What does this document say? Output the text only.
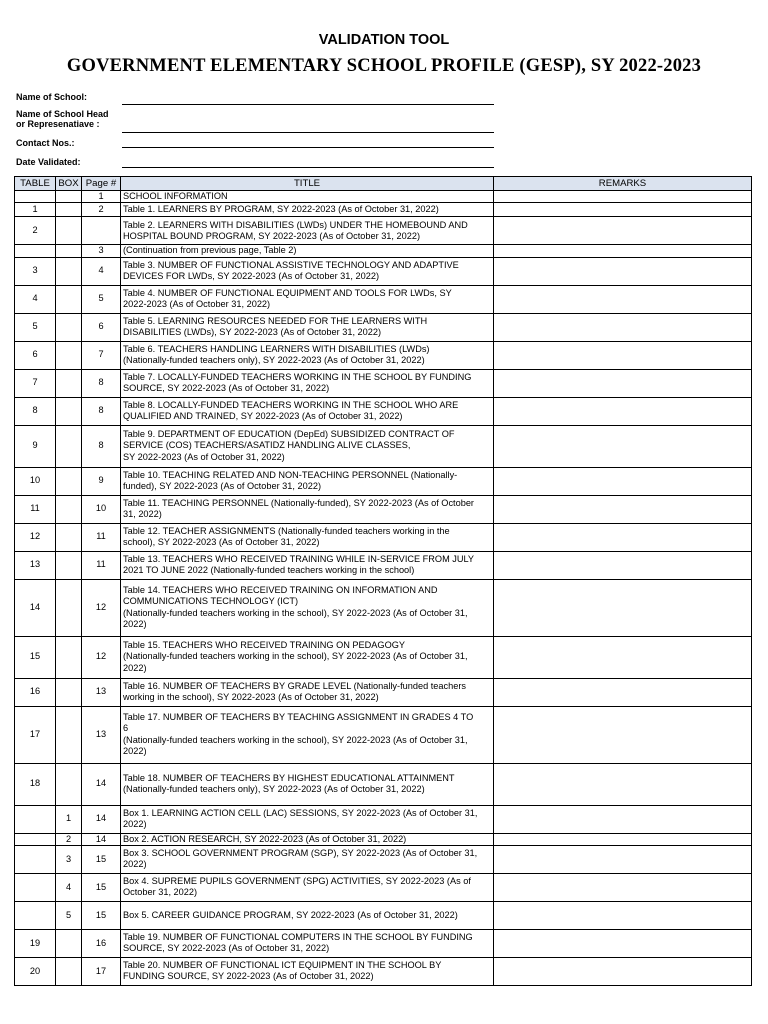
VALIDATION TOOL
GOVERNMENT ELEMENTARY SCHOOL PROFILE (GESP), SY 2022-2023
Name of School:
Name of School Head
or Represenatiave :
Contact Nos.:
Date Validated:
TABLE	BOX	Page #	TITLE	REMARKS
		1	SCHOOL INFORMATION	
1		2	Table 1. LEARNERS BY PROGRAM, SY 2022-2023 (As of October 31, 2022)	
2			Table 2. LEARNERS WITH DISABILITIES (LWDs) UNDER THE HOMEBOUND AND
HOSPITAL BOUND PROGRAM, SY 2022-2023 (As of October 31, 2022)	
		3	(Continuation from previous page, Table 2)	
3		4	Table 3. NUMBER OF FUNCTIONAL ASSISTIVE TECHNOLOGY AND ADAPTIVE
DEVICES FOR LWDs, SY 2022-2023 (As of October 31, 2022)	
4		5	Table 4. NUMBER OF FUNCTIONAL EQUIPMENT AND TOOLS FOR LWDs, SY
2022-2023 (As of October 31, 2022)	
5		6	Table 5. LEARNING RESOURCES NEEDED FOR THE LEARNERS WITH
DISABILITIES (LWDs), SY 2022-2023 (As of October 31, 2022)	
6		7	Table 6. TEACHERS HANDLING LEARNERS WITH DISABILITIES (LWDs)
(Nationally-funded teachers only), SY 2022-2023 (As of October 31, 2022)	
7		8	Table 7. LOCALLY-FUNDED TEACHERS WORKING IN THE SCHOOL BY FUNDING
SOURCE, SY 2022-2023 (As of October 31, 2022)	
8		8	Table 8. LOCALLY-FUNDED TEACHERS WORKING IN THE SCHOOL WHO ARE
QUALIFIED AND TRAINED, SY 2022-2023 (As of October 31, 2022)	
9		8	Table 9. DEPARTMENT OF EDUCATION (DepEd) SUBSIDIZED CONTRACT OF
SERVICE (COS) TEACHERS/ASATIDZ HANDLING ALIVE CLASSES,
SY 2022-2023 (As of October 31, 2022)	
10		9	Table 10. TEACHING RELATED AND NON-TEACHING PERSONNEL (Nationally-
funded), SY 2022-2023 (As of October 31, 2022)	
11		10	Table 11. TEACHING PERSONNEL (Nationally-funded), SY 2022-2023 (As of October
31, 2022)	
12		11	Table 12. TEACHER ASSIGNMENTS (Nationally-funded teachers working in the
school), SY 2022-2023 (As of October 31, 2022)	
13		11	Table 13. TEACHERS WHO RECEIVED TRAINING WHILE IN-SERVICE FROM JULY
2021 TO JUNE 2022 (Nationally-funded teachers working in the school)	
14		12	Table 14. TEACHERS WHO RECEIVED TRAINING ON INFORMATION AND
COMMUNICATIONS TECHNOLOGY (ICT)
(Nationally-funded teachers working in the school), SY 2022-2023 (As of October 31,
2022)	
15		12	Table 15. TEACHERS WHO RECEIVED TRAINING ON PEDAGOGY
(Nationally-funded teachers working in the school), SY 2022-2023 (As of October 31,
2022)	
16		13	Table 16. NUMBER OF TEACHERS BY GRADE LEVEL (Nationally-funded teachers
working in the school), SY 2022-2023 (As of October 31, 2022)	
17		13	Table 17. NUMBER OF TEACHERS BY TEACHING ASSIGNMENT IN GRADES 4 TO
6
(Nationally-funded teachers working in the school), SY 2022-2023 (As of October 31,
2022)	
18		14	Table 18. NUMBER OF TEACHERS BY HIGHEST EDUCATIONAL ATTAINMENT
(Nationally-funded teachers only), SY 2022-2023 (As of October 31, 2022)	
	1	14	Box 1. LEARNING ACTION CELL (LAC) SESSIONS, SY 2022-2023 (As of October 31,
2022)	
	2	14	Box 2. ACTION RESEARCH, SY 2022-2023 (As of October 31, 2022)	
	3	15	Box 3. SCHOOL GOVERNMENT PROGRAM (SGP), SY 2022-2023 (As of October 31,
2022)	
	4	15	Box 4. SUPREME PUPILS GOVERNMENT (SPG) ACTIVITIES, SY 2022-2023 (As of
October 31, 2022)	
	5	15	Box 5. CAREER GUIDANCE PROGRAM, SY 2022-2023 (As of October 31, 2022)	
19		16	Table 19. NUMBER OF FUNCTIONAL COMPUTERS IN THE SCHOOL BY FUNDING
SOURCE, SY 2022-2023 (As of October 31, 2022)	
20		17	Table 20. NUMBER OF FUNCTIONAL ICT EQUIPMENT IN THE SCHOOL BY
FUNDING SOURCE, SY 2022-2023 (As of October 31, 2022)	
